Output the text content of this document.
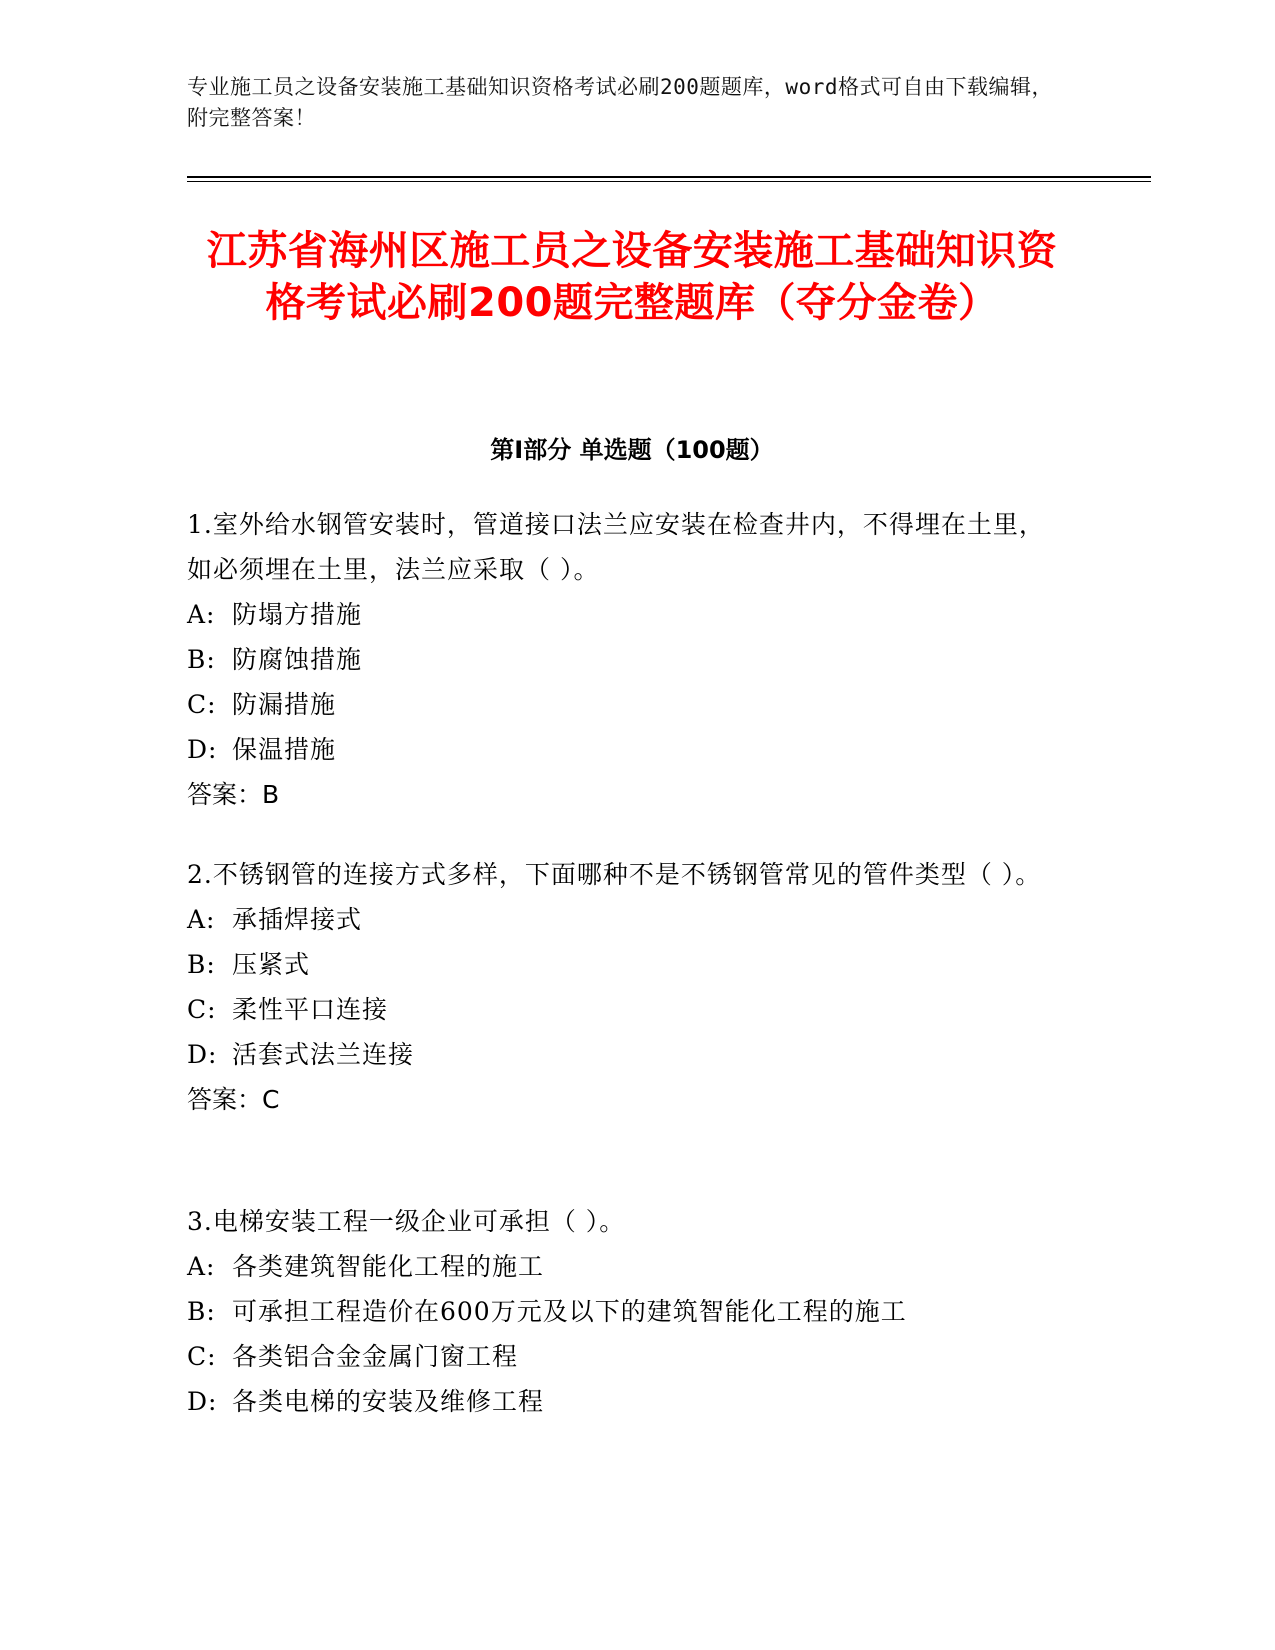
专业施工员之设备安装施工基础知识资格考试必刷200题题库，word格式可自由下载编辑，附完整答案！
江苏省海州区施工员之设备安装施工基础知识资格考试必刷200题完整题库（夺分金卷）
第Ⅰ部分 单选题（100题）
1.室外给水钢管安装时，管道接口法兰应安装在检查井内，不得埋在土里，如必须埋在土里，法兰应采取（ ）。
A: 防塌方措施
B: 防腐蚀措施
C: 防漏措施
D: 保温措施
答案：B
2.不锈钢管的连接方式多样，下面哪种不是不锈钢管常见的管件类型（ ）。
A: 承插焊接式
B: 压紧式
C: 柔性平口连接
D: 活套式法兰连接
答案：C
3.电梯安装工程一级企业可承担（ ）。
A: 各类建筑智能化工程的施工
B: 可承担工程造价在600万元及以下的建筑智能化工程的施工
C: 各类铝合金金属门窗工程
D: 各类电梯的安装及维修工程
